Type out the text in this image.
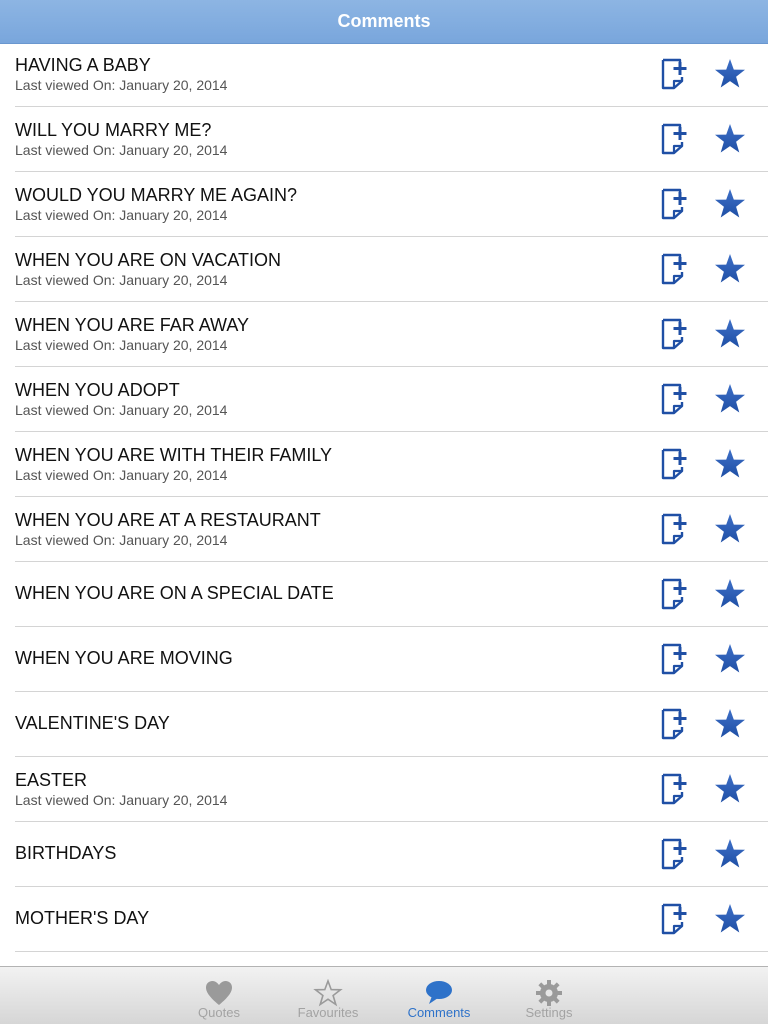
Comments
HAVING A BABY
Last viewed On: January 20, 2014
WILL YOU MARRY ME?
Last viewed On: January 20, 2014
WOULD YOU MARRY ME AGAIN?
Last viewed On: January 20, 2014
WHEN YOU ARE ON VACATION
Last viewed On: January 20, 2014
WHEN YOU ARE FAR AWAY
Last viewed On: January 20, 2014
WHEN YOU ADOPT
Last viewed On: January 20, 2014
WHEN YOU ARE WITH THEIR FAMILY
Last viewed On: January 20, 2014
WHEN YOU ARE AT A RESTAURANT
Last viewed On: January 20, 2014
WHEN YOU ARE ON A SPECIAL DATE
WHEN YOU ARE MOVING
VALENTINE'S DAY
EASTER
Last viewed On: January 20, 2014
BIRTHDAYS
MOTHER'S DAY
Quotes	Favourites	Comments	Settings
